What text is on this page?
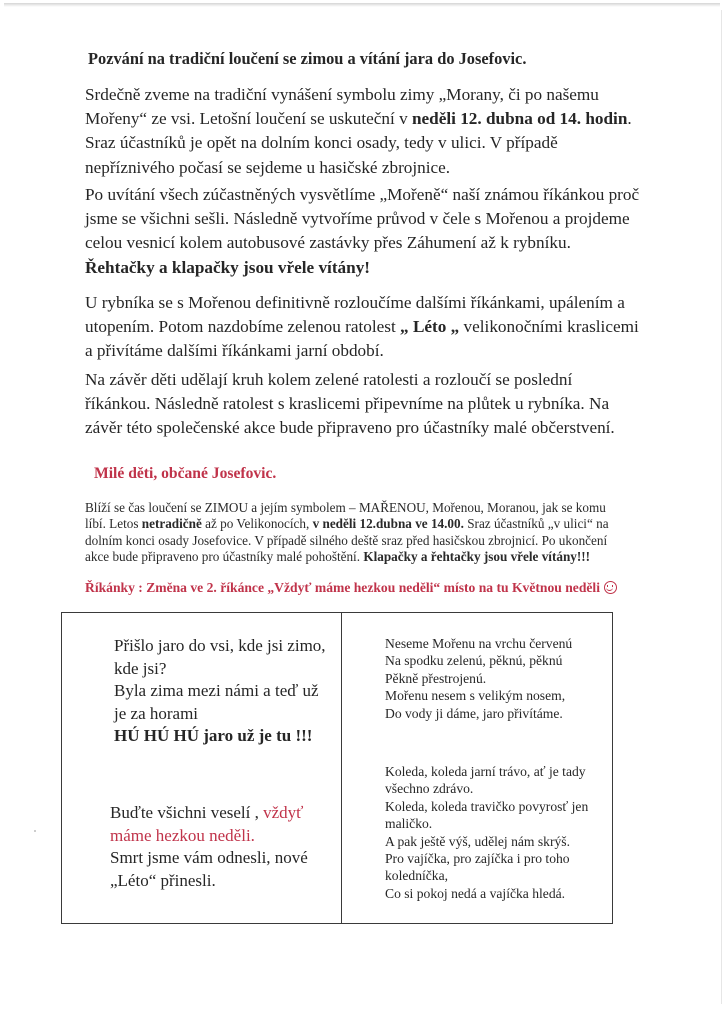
Pozvání na tradiční loučení se zimou a vítání jara do Josefovic.
Srdečně zveme na tradiční vynášení symbolu zimy „Morany, či po našemu
Mořeny“ ze vsi. Letošní loučení se uskuteční v neděli 12. dubna od 14. hodin.
Sraz účastníků je opět na dolním konci osady, tedy v ulici. V případě
nepříznivého počasí se sejdeme u hasičské zbrojnice.
Po uvítání všech zúčastněných vysvětlíme „Mořeně“ naší známou říkánkou proč
jsme se všichni sešli. Následně vytvoříme průvod v čele s Mořenou a projdeme
celou vesnicí kolem autobusové zastávky přes Záhumení až k rybníku.
Řehtačky a klapačky jsou vřele vítány!
U rybníka se s Mořenou definitivně rozloučíme dalšími říkánkami, upálením a
utopením. Potom nazdobíme zelenou ratolest „ Léto „ velikonočními kraslicemi
a přivítáme dalšími říkánkami jarní období.
Na závěr děti udělají kruh kolem zelené ratolesti a rozloučí se poslední
říkánkou. Následně ratolest s kraslicemi připevníme na plůtek u rybníka. Na
závěr této společenské akce bude připraveno pro účastníky malé občerstvení.
Milé děti, občané Josefovic.
Blíží se čas loučení se ZIMOU a jejím symbolem – MAŘENOU, Mořenou, Moranou, jak se komu
líbí. Letos netradičně až po Velikonocích, v neděli 12.dubna ve 14.00. Sraz účastníků „v ulici“ na
dolním konci osady Josefovice. V případě silného deště sraz před hasičskou zbrojnicí. Po ukončení
akce bude připraveno pro účastníky malé pohoštění. Klapačky a řehtačky jsou vřele vítány!!!
Říkánky : Změna ve 2. říkánce „Vždyť máme hezkou neděli“ místo na tu Květnou neděli
Přišlo jaro do vsi, kde jsi zimo,
kde jsi?
Byla zima mezi námi a teď už
je za horami
HÚ HÚ HÚ jaro už je tu !!!
Buďte všichni veselí , vždyť
máme hezkou neděli.
Smrt jsme vám odnesli, nové
„Léto“ přinesli.
Neseme Mořenu na vrchu červenú
Na spodku zelenú, pěknú, pěknú
Pěkně přestrojenú.
Mořenu nesem s velikým nosem,
Do vody ji dáme, jaro přivítáme.
Koleda, koleda jarní trávo, ať je tady
všechno zdrávo.
Koleda, koleda travičko povyrosť jen
maličko.
A pak ještě výš, udělej nám skrýš.
Pro vajíčka, pro zajíčka i pro toho
koledníčka,
Co si pokoj nedá a vajíčka hledá.
